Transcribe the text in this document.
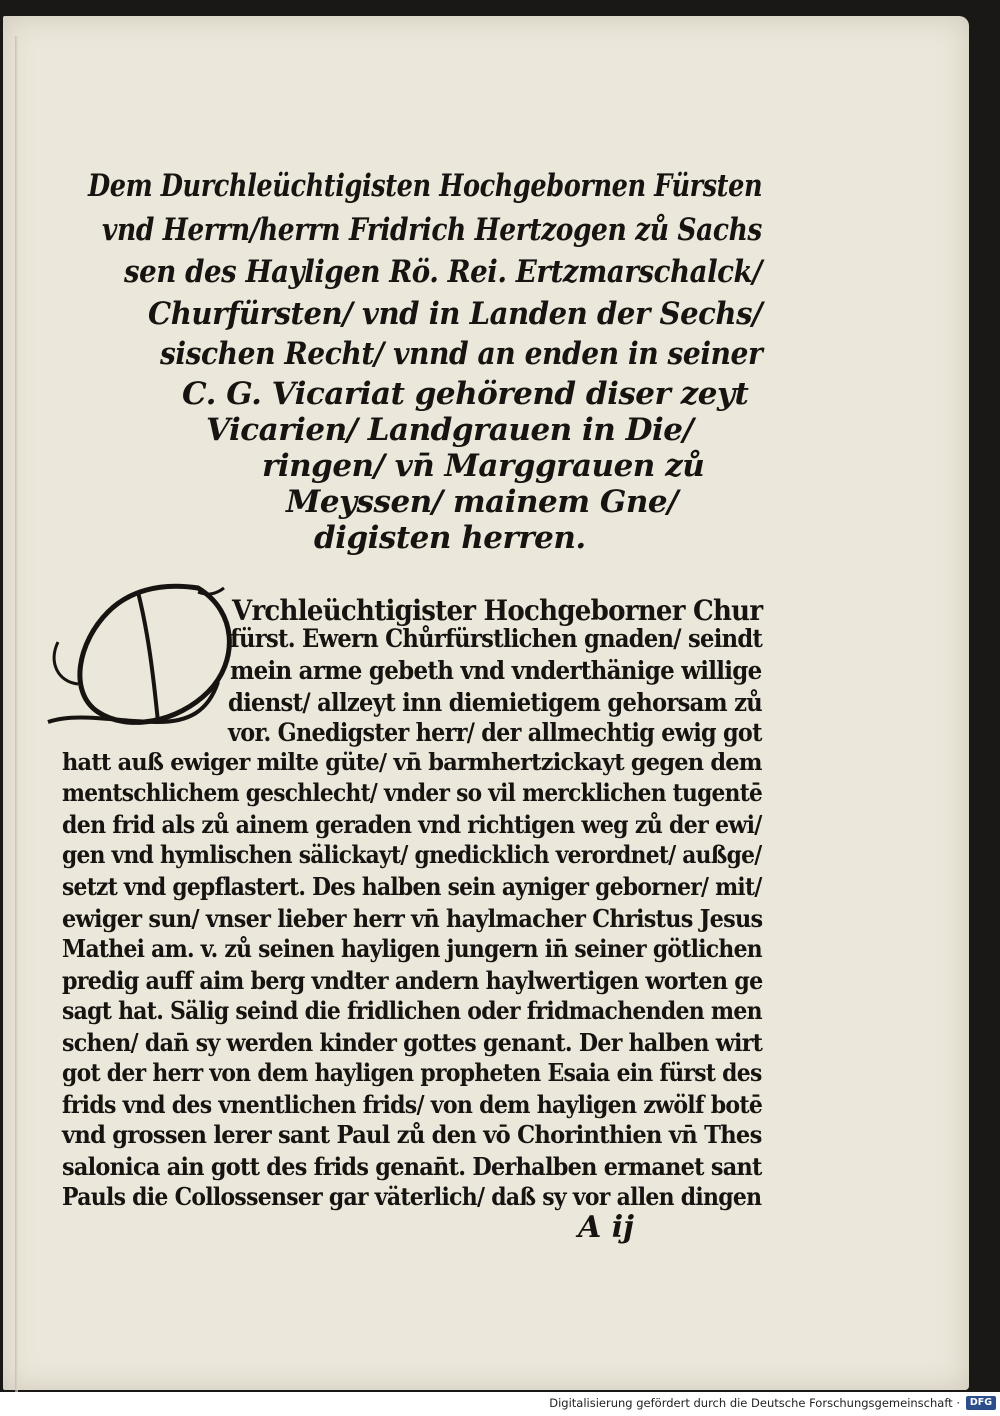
Dem Durchleüchtigisten Hochgebornen Fürsten
vnd Herrn/herrn Fridrich Hertzogen zů Sachs
sen des Hayligen Rö. Rei. Ertzmarschalck/
Churfürsten/ vnd in Landen der Sechs/
sischen Recht/ vnnd an enden in seiner
C. G. Vicariat gehörend diser zeyt
Vicarien/ Landgrauen in Die/
ringen/ vn̄ Marggrauen zů
Meyssen/ mainem Gne/
digisten herren.
D
Vrchleüchtigister Hochgeborner Chur
fürst. Ewern Chůrfürstlichen gnaden/ seindt
mein arme gebeth vnd vnderthänige willige
dienst/ allzeyt inn diemietigem gehorsam zů
vor. Gnedigster herr/ der allmechtig ewig got
hatt auß ewiger milte güte/ vn̄ barmhertzickayt gegen dem
mentschlichem geschlecht/ vnder so vil mercklichen tugentē
den frid als zů ainem geraden vnd richtigen weg zů der ewi/
gen vnd hymlischen sälickayt/ gnedicklich verordnet/ außge/
setzt vnd gepflastert. Des halben sein ayniger geborner/ mit/
ewiger sun/ vnser lieber herr vn̄ haylmacher Christus Jesus
Mathei am. v. zů seinen hayligen jungern in̄ seiner götlichen
predig auff aim berg vndter andern haylwertigen worten ge
sagt hat. Sälig seind die fridlichen oder fridmachenden men
schen/ dan̄ sy werden kinder gottes genant. Der halben wirt
got der herr von dem hayligen propheten Esaia ein fürst des
frids vnd des vnentlichen frids/ von dem hayligen zwölf botē
vnd grossen lerer sant Paul zů den vō Chorinthien vn̄ Thes
salonica ain gott des frids genan̄t. Derhalben ermanet sant
Pauls die Collossenser gar väterlich/ daß sy vor allen dingen
A ij
Digitalisierung gefördert durch die Deutsche Forschungsgemeinschaft ·	DFG
